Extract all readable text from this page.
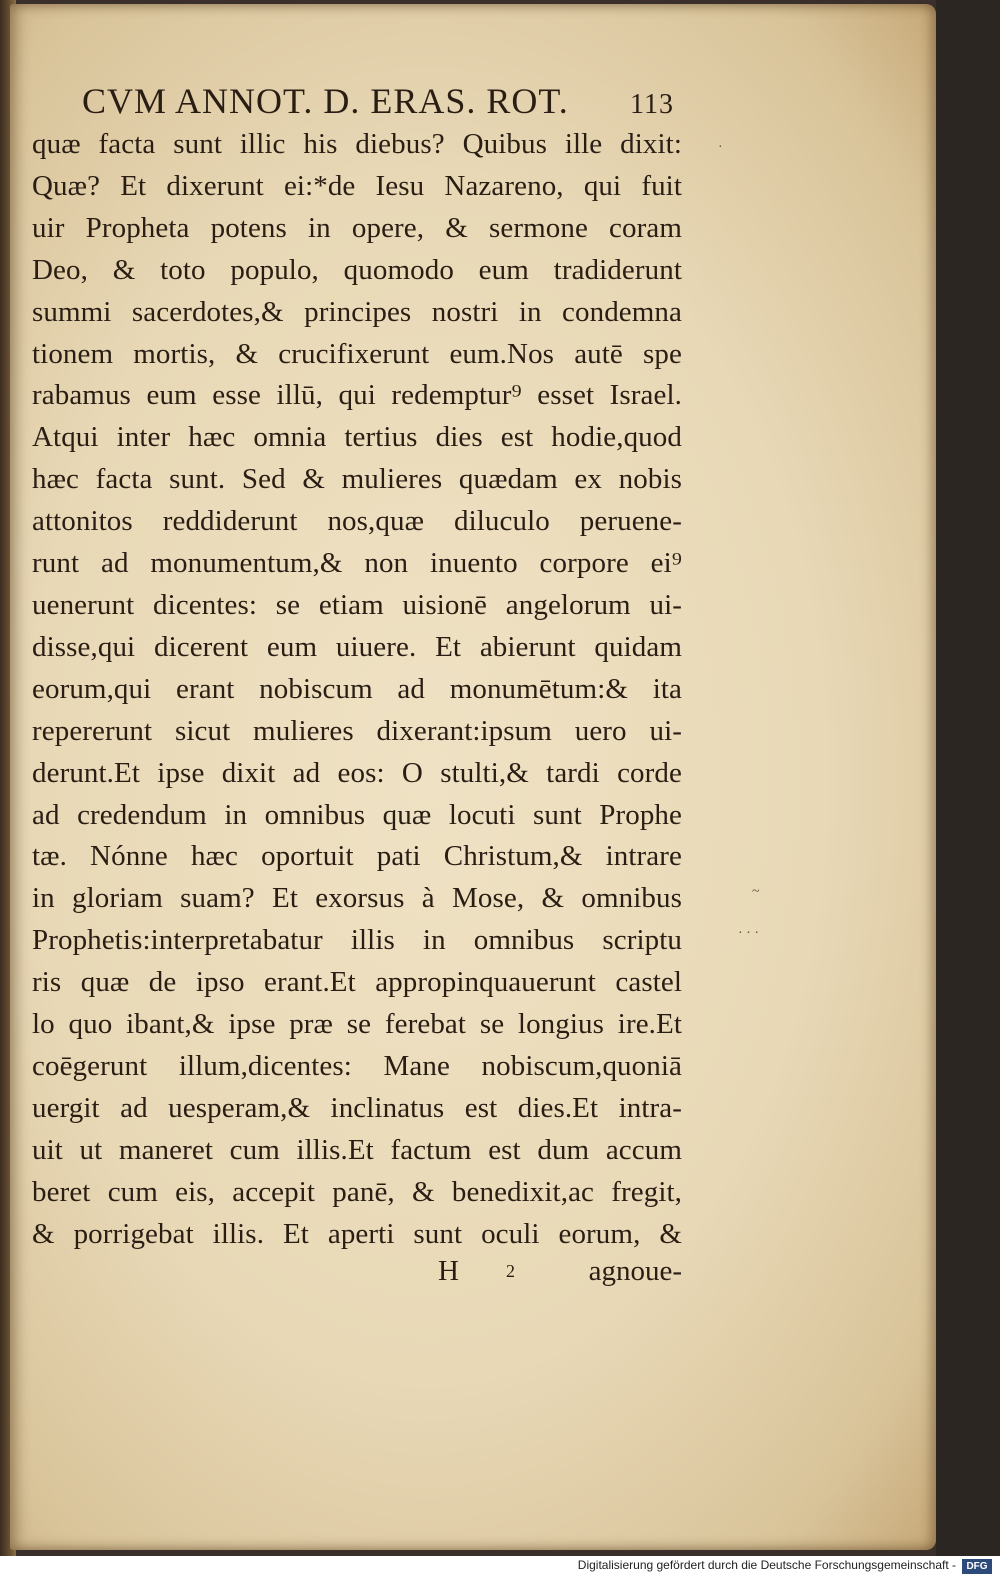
·
~
· · ·
CVM ANNOT. D. ERAS. ROT. 113
quæ facta sunt illic his diebus? Quibus ille dixit:
Quæ? Et dixerunt ei:*de Iesu Nazareno, qui fuit
uir Propheta potens in opere, & sermone coram
Deo, & toto populo, quomodo eum tradiderunt
summi sacerdotes,& principes nostri in condemna
tionem mortis, & crucifixerunt eum.Nos autē spe
rabamus eum esse illū, qui redemptur⁹ esset Israel.
Atqui inter hæc omnia tertius dies est hodie,quod
hæc facta sunt. Sed & mulieres quædam ex nobis
attonitos reddiderunt nos,quæ diluculo peruene-
runt ad monumentum,& non inuento corpore ei⁹
uenerunt dicentes: se etiam uisionē angelorum ui-
disse,qui dicerent eum uiuere. Et abierunt quidam
eorum,qui erant nobiscum ad monumētum:& ita
repererunt sicut mulieres dixerant:ipsum uero ui-
derunt.Et ipse dixit ad eos: O stulti,& tardi corde
ad credendum in omnibus quæ locuti sunt Prophe
tæ. Nónne hæc oportuit pati Christum,& intrare
in gloriam suam? Et exorsus à Mose, & omnibus
Prophetis:interpretabatur illis in omnibus scriptu
ris quæ de ipso erant.Et appropinquauerunt castel
lo quo ibant,& ipse præ se ferebat se longius ire.Et
coēgerunt illum,dicentes: Mane nobiscum,quoniā
uergit ad uesperam,& inclinatus est dies.Et intra-
uit ut maneret cum illis.Et factum est dum accum
beret cum eis, accepit panē, & benedixit,ac fregit,
& porrigebat illis. Et aperti sunt oculi eorum, &
H	2	agnoue-
Digitalisierung gefördert durch die Deutsche Forschungsgemeinschaft -	DFG
